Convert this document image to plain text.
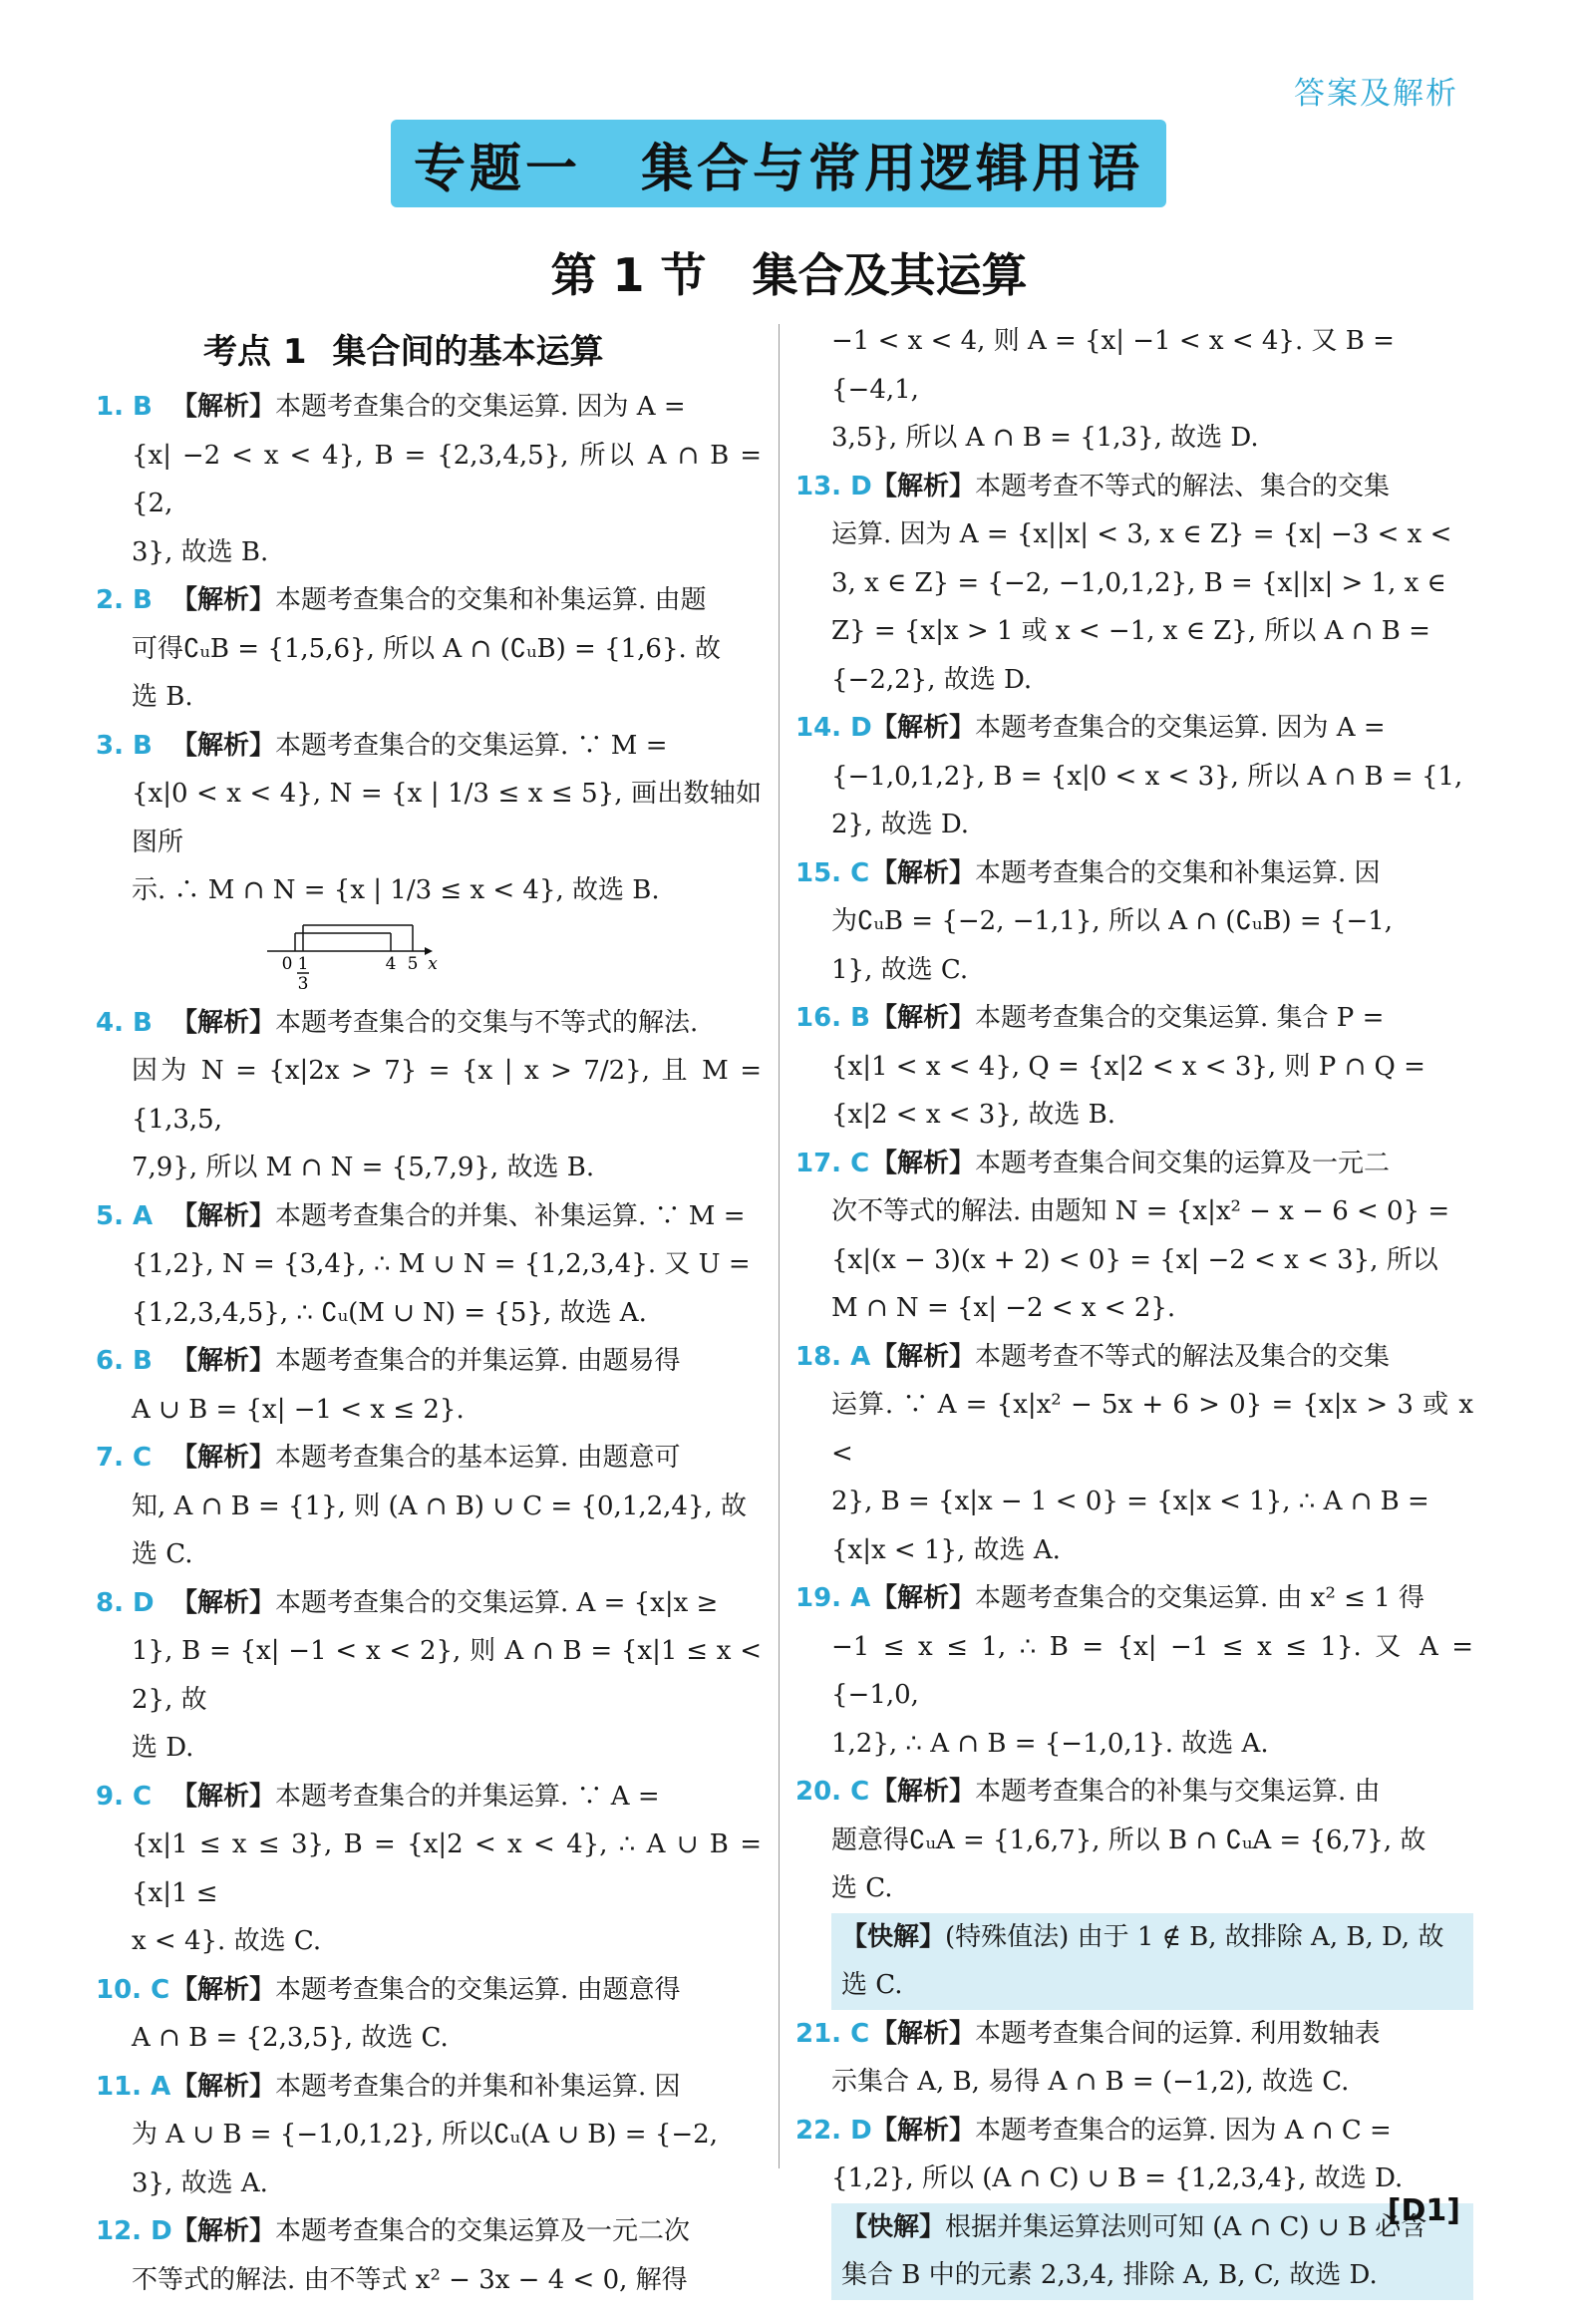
答案及解析
专题一 集合与常用逻辑用语
第 1 节 集合及其运算
考点 1 集合间的基本运算
1. B 【解析】本题考查集合的交集运算. 因为 A =
{x| −2 < x < 4}, B = {2,3,4,5}, 所以 A ∩ B = {2,
3}, 故选 B.
2. B 【解析】本题考查集合的交集和补集运算. 由题
可得∁ᵤB = {1,5,6}, 所以 A ∩ (∁ᵤB) = {1,6}. 故
选 B.
3. B 【解析】本题考查集合的交集运算. ∵ M =
{x|0 < x < 4}, N = {x | 1/3 ≤ x ≤ 5}, 画出数轴如图所
示. ∴ M ∩ N = {x | 1/3 ≤ x < 4}, 故选 B.
0 1
3
4 5 x
4. B 【解析】本题考查集合的交集与不等式的解法.
因为 N = {x|2x > 7} = {x | x > 7/2}, 且 M = {1,3,5,
7,9}, 所以 M ∩ N = {5,7,9}, 故选 B.
5. A 【解析】本题考查集合的并集、补集运算. ∵ M =
{1,2}, N = {3,4}, ∴ M ∪ N = {1,2,3,4}. 又 U =
{1,2,3,4,5}, ∴ ∁ᵤ(M ∪ N) = {5}, 故选 A.
6. B 【解析】本题考查集合的并集运算. 由题易得
A ∪ B = {x| −1 < x ≤ 2}.
7. C 【解析】本题考查集合的基本运算. 由题意可
知, A ∩ B = {1}, 则 (A ∩ B) ∪ C = {0,1,2,4}, 故
选 C.
8. D 【解析】本题考查集合的交集运算. A = {x|x ≥
1}, B = {x| −1 < x < 2}, 则 A ∩ B = {x|1 ≤ x < 2}, 故
选 D.
9. C 【解析】本题考查集合的并集运算. ∵ A =
{x|1 ≤ x ≤ 3}, B = {x|2 < x < 4}, ∴ A ∪ B = {x|1 ≤
x < 4}. 故选 C.
10. C 【解析】本题考查集合的交集运算. 由题意得
A ∩ B = {2,3,5}, 故选 C.
11. A 【解析】本题考查集合的并集和补集运算. 因
为 A ∪ B = {−1,0,1,2}, 所以∁ᵤ(A ∪ B) = {−2,
3}, 故选 A.
12. D 【解析】本题考查集合的交集运算及一元二次
不等式的解法. 由不等式 x² − 3x − 4 < 0, 解得
−1 < x < 4, 则 A = {x| −1 < x < 4}. 又 B = {−4,1,
3,5}, 所以 A ∩ B = {1,3}, 故选 D.
13. D 【解析】本题考查不等式的解法、集合的交集
运算. 因为 A = {x||x| < 3, x ∈ Z} = {x| −3 < x <
3, x ∈ Z} = {−2, −1,0,1,2}, B = {x||x| > 1, x ∈
Z} = {x|x > 1 或 x < −1, x ∈ Z}, 所以 A ∩ B =
{−2,2}, 故选 D.
14. D 【解析】本题考查集合的交集运算. 因为 A =
{−1,0,1,2}, B = {x|0 < x < 3}, 所以 A ∩ B = {1,
2}, 故选 D.
15. C 【解析】本题考查集合的交集和补集运算. 因
为∁ᵤB = {−2, −1,1}, 所以 A ∩ (∁ᵤB) = {−1,
1}, 故选 C.
16. B 【解析】本题考查集合的交集运算. 集合 P =
{x|1 < x < 4}, Q = {x|2 < x < 3}, 则 P ∩ Q =
{x|2 < x < 3}, 故选 B.
17. C 【解析】本题考查集合间交集的运算及一元二
次不等式的解法. 由题知 N = {x|x² − x − 6 < 0} =
{x|(x − 3)(x + 2) < 0} = {x| −2 < x < 3}, 所以
M ∩ N = {x| −2 < x < 2}.
18. A 【解析】本题考查不等式的解法及集合的交集
运算. ∵ A = {x|x² − 5x + 6 > 0} = {x|x > 3 或 x <
2}, B = {x|x − 1 < 0} = {x|x < 1}, ∴ A ∩ B =
{x|x < 1}, 故选 A.
19. A 【解析】本题考查集合的交集运算. 由 x² ≤ 1 得
−1 ≤ x ≤ 1, ∴ B = {x| −1 ≤ x ≤ 1}. 又 A = {−1,0,
1,2}, ∴ A ∩ B = {−1,0,1}. 故选 A.
20. C 【解析】本题考查集合的补集与交集运算. 由
题意得∁ᵤA = {1,6,7}, 所以 B ∩ ∁ᵤA = {6,7}, 故
选 C.
【快解】(特殊值法) 由于 1 ∉ B, 故排除 A, B, D, 故
选 C.
21. C 【解析】本题考查集合间的运算. 利用数轴表
示集合 A, B, 易得 A ∩ B = (−1,2), 故选 C.
22. D 【解析】本题考查集合的运算. 因为 A ∩ C =
{1,2}, 所以 (A ∩ C) ∪ B = {1,2,3,4}, 故选 D.
【快解】根据并集运算法则可知 (A ∩ C) ∪ B 必含
集合 B 中的元素 2,3,4, 排除 A, B, C, 故选 D.
[D1]
